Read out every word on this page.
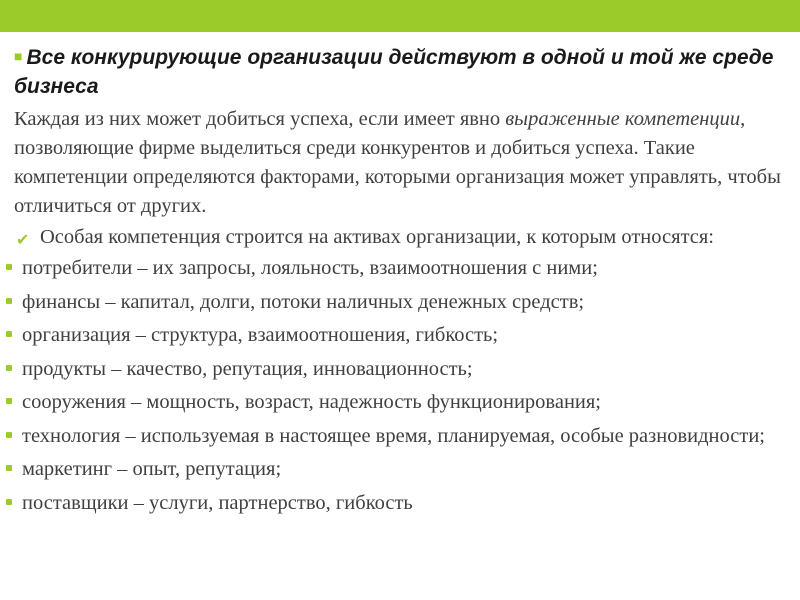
■ Все конкурирующие организации действуют в одной и той же среде бизнеса

Каждая из них может добиться успеха, если имеет явно выраженные компетенции, позволяющие фирме выделиться среди конкурентов и добиться успеха. Такие компетенции определяются факторами, которыми организация может управлять, чтобы отличиться от других.

✔ Особая компетенция строится на активах организации, к которым относятся:
потребители – их запросы, лояльность, взаимоотношения с ними;
финансы – капитал, долги, потоки наличных денежных средств;
организация – структура, взаимоотношения, гибкость;
продукты – качество, репутация, инновационность;
сооружения – мощность, возраст, надежность функционирования;
технология – используемая в настоящее время, планируемая, особые разновидности;
маркетинг – опыт, репутация;
поставщики – услуги, партнерство, гибкость
